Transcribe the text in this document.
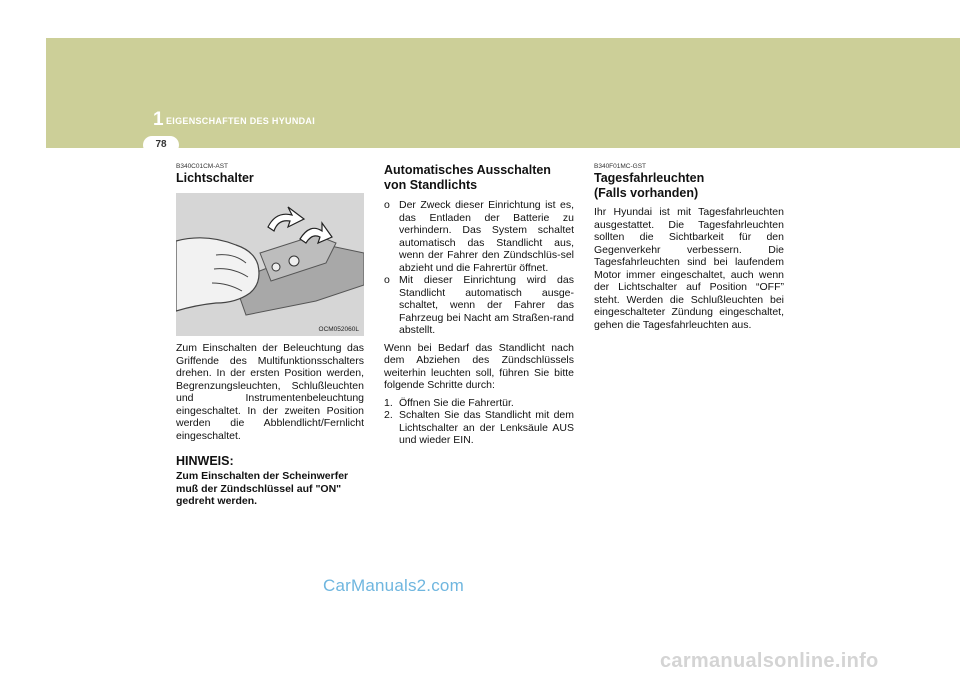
1 EIGENSCHAFTEN DES HYUNDAI
78

B340C01CM-AST

Lichtschalter

OCM052060L

Zum Einschalten der Beleuchtung das Griffende des Multifunktionsschalters drehen. In der ersten Position werden, Begrenzungsleuchten, Schlußleuchten und Instrumentenbeleuchtung eingeschaltet. In der zweiten Position werden die Abblendlicht/Fernlicht eingeschaltet.

HINWEIS:

Zum Einschalten der Scheinwerfer muß der Zündschlüssel auf "ON" gedreht werden.

Automatisches Ausschalten von Standlichts

o Der Zweck dieser Einrichtung ist es, das Entladen der Batterie zu verhindern. Das System schaltet automatisch das Standlicht aus, wenn der Fahrer den Zündschlüs-sel abzieht und die Fahrertür öffnet.
o Mit dieser Einrichtung wird das Standlicht automatisch ausge-schaltet, wenn der Fahrer das Fahrzeug bei Nacht am Straßen-rand abstellt.

Wenn bei Bedarf das Standlicht nach dem Abziehen des Zündschlüssels weiterhin leuchten soll, führen Sie bitte folgende Schritte durch:

1. Öffnen Sie die Fahrertür.
2. Schalten Sie das Standlicht mit dem Lichtschalter an der Lenksäule AUS und wieder EIN.

B340F01MC-GST

Tagesfahrleuchten

(Falls vorhanden)

Ihr Hyundai ist mit Tagesfahrleuchten ausgestattet. Die Tagesfahrleuchten sollten die Sichtbarkeit für den Gegenverkehr verbessern. Die Tagesfahrleuchten sind bei laufendem Motor immer eingeschaltet, auch wenn der Lichtschalter auf Position “OFF” steht. Werden die Schlußleuchten bei eingeschalteter Zündung eingeschaltet, gehen die Tagesfahrleuchten aus.

CarManuals2.com
carmanualsonline.info
